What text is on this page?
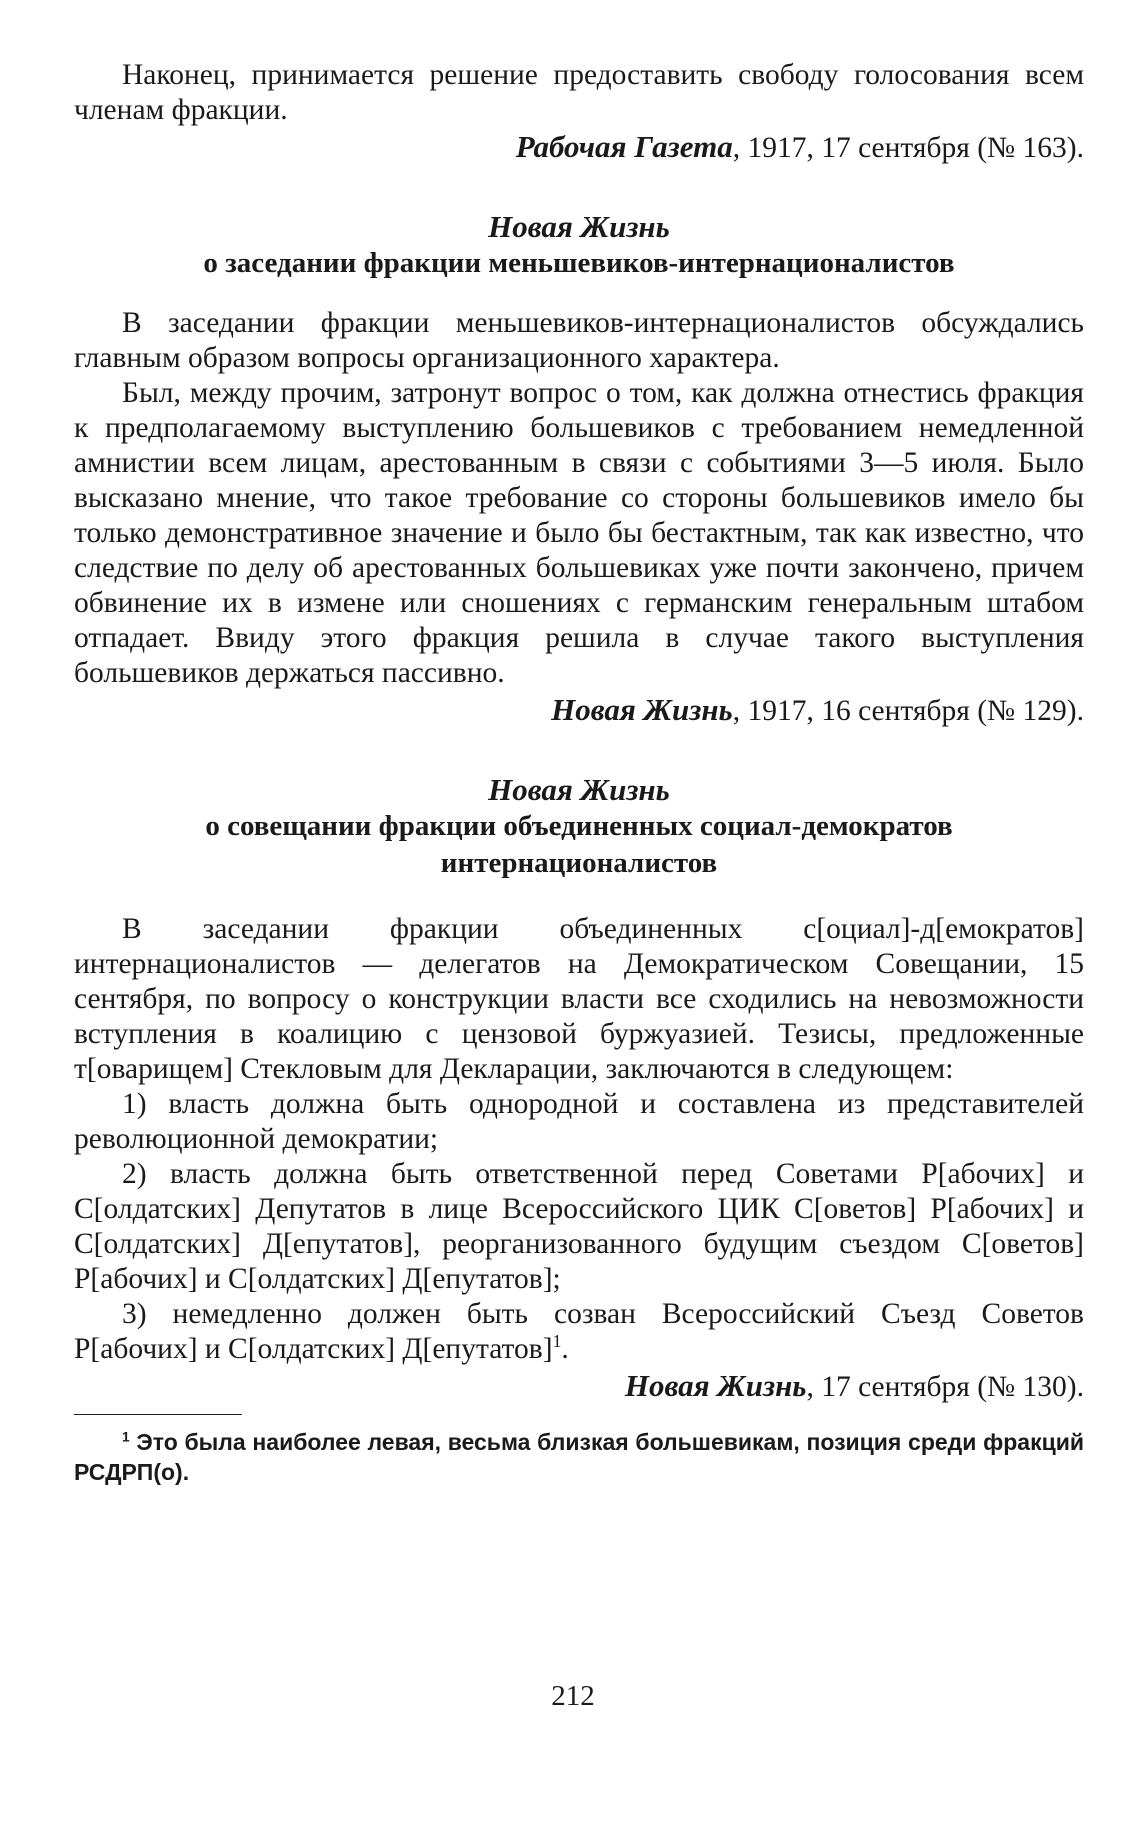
Наконец, принимается решение предоставить свободу голосования всем членам фракции.

Рабочая Газета, 1917, 17 сентября (№ 163).

Новая Жизнь
о заседании фракции меньшевиков-интернационалистов

В заседании фракции меньшевиков-интернационалистов обсуждались главным образом вопросы организационного характера.

Был, между прочим, затронут вопрос о том, как должна отнестись фракция к предполагаемому выступлению большевиков с требованием немедленной амнистии всем лицам, арестованным в связи с событиями 3—5 июля. Было высказано мнение, что такое требование со стороны большевиков имело бы только демонстративное значение и было бы бестактным, так как известно, что следствие по делу об арестованных большевиках уже почти закончено, причем обвинение их в измене или сношениях с германским генеральным штабом отпадает. Ввиду этого фракция решила в случае такого выступления большевиков держаться пассивно.

Новая Жизнь, 1917, 16 сентября (№ 129).

Новая Жизнь
о совещании фракции объединенных социал-демократов
интернационалистов

В заседании фракции объединенных с[оциал]-д[емократов] интернационалистов — делегатов на Демократическом Совещании, 15 сентября, по вопросу о конструкции власти все сходились на невозможности вступления в коалицию с цензовой буржуазией. Тезисы, предложенные т[оварищем] Стекловым для Декларации, заключаются в следующем:

1) власть должна быть однородной и составлена из представителей революционной демократии;

2) власть должна быть ответственной перед Советами Р[абочих] и С[олдатских] Депутатов в лице Всероссийского ЦИК С[оветов] Р[абочих] и С[олдатских] Д[епутатов], реорганизованного будущим съездом С[оветов] Р[абочих] и С[олдатских] Д[епутатов];

3) немедленно должен быть созван Всероссийский Съезд Советов Р[абочих] и С[олдатских] Д[епутатов]$^1$.

Новая Жизнь, 17 сентября (№ 130).

$^1$ Это была наиболее левая, весьма близкая большевикам, позиция среди фракций РСДРП(о).

212
